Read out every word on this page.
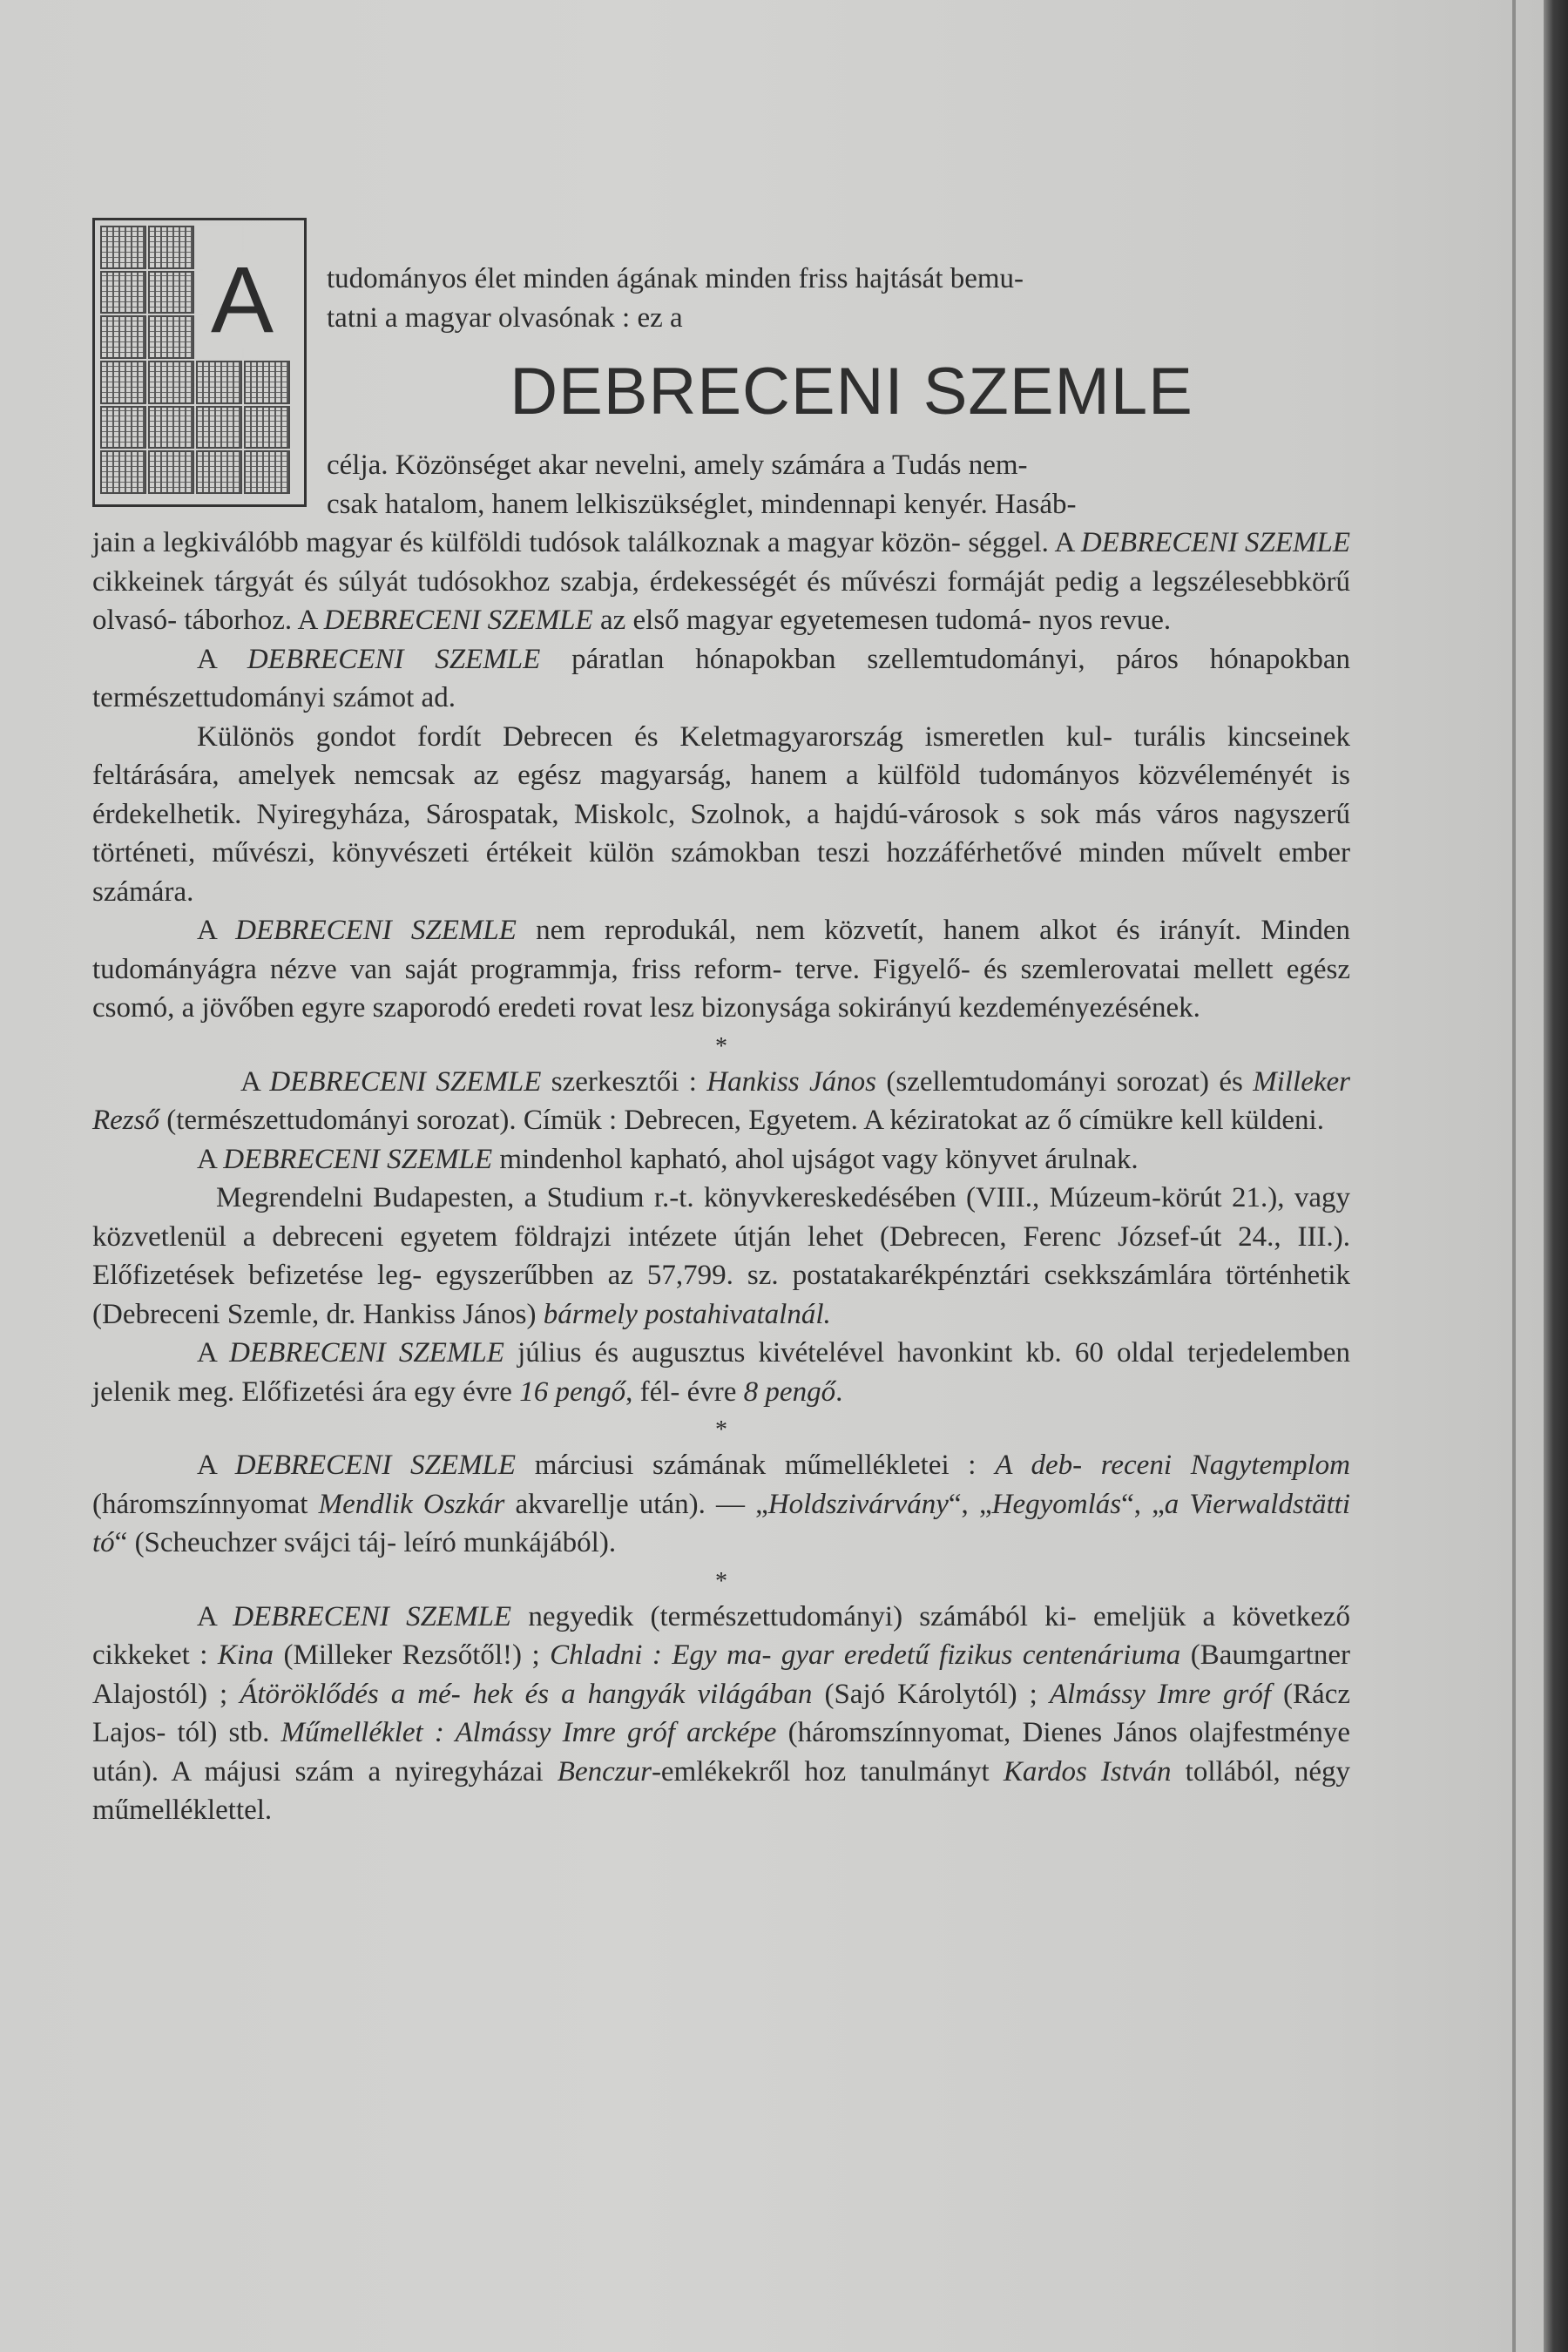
A tudományos élet minden ágának minden friss hajtását bemu-

tatni a magyar olvasónak : ez a

DEBRECENI SZEMLE

célja. Közönséget akar nevelni, amely számára a Tudás nem-

csak hatalom, hanem lelkiszükséglet, mindennapi kenyér. Hasáb-

jain a legkiválóbb magyar és külföldi tudósok találkoznak a magyar közön- séggel. A DEBRECENI SZEMLE cikkeinek tárgyát és súlyát tudósokhoz szabja, érdekességét és művészi formáját pedig a legszélesebbkörű olvasó- táborhoz. A DEBRECENI SZEMLE az első magyar egyetemesen tudomá- nyos revue.

A DEBRECENI SZEMLE páratlan hónapokban szellemtudományi, páros hónapokban természettudományi számot ad.

Különös gondot fordít Debrecen és Keletmagyarország ismeretlen kul- turális kincseinek feltárására, amelyek nemcsak az egész magyarság, hanem a külföld tudományos közvéleményét is érdekelhetik. Nyiregyháza, Sárospatak, Miskolc, Szolnok, a hajdú-városok s sok más város nagyszerű történeti, művészi, könyvészeti értékeit külön számokban teszi hozzáférhetővé minden művelt ember számára.

A DEBRECENI SZEMLE nem reprodukál, nem közvetít, hanem alkot és irányít. Minden tudományágra nézve van saját programmja, friss reform- terve. Figyelő- és szemlerovatai mellett egész csomó, a jövőben egyre szaporodó eredeti rovat lesz bizonysága sokirányú kezdeményezésének.

*

A DEBRECENI SZEMLE szerkesztői : Hankiss János (szellemtudományi sorozat) és Milleker Rezső (természettudományi sorozat). Címük : Debrecen, Egyetem. A kéziratokat az ő címükre kell küldeni.

A DEBRECENI SZEMLE mindenhol kapható, ahol ujságot vagy könyvet árulnak.

Megrendelni Budapesten, a Studium r.-t. könyvkereskedésében (VIII., Múzeum-körút 21.), vagy közvetlenül a debreceni egyetem földrajzi intézete útján lehet (Debrecen, Ferenc József-út 24., III.). Előfizetések befizetése leg- egyszerűbben az 57,799. sz. postatakarékpénztári csekkszámlára történhetik (Debreceni Szemle, dr. Hankiss János) bármely postahivatalnál.

A DEBRECENI SZEMLE július és augusztus kivételével havonkint kb. 60 oldal terjedelemben jelenik meg. Előfizetési ára egy évre 16 pengő, fél- évre 8 pengő.

*

A DEBRECENI SZEMLE márciusi számának műmellékletei : A deb- receni Nagytemplom (háromszínnyomat Mendlik Oszkár akvarellje után). — „Holdszivárvány“, „Hegyomlás“, „a Vierwaldstätti tó“ (Scheuchzer svájci táj- leíró munkájából).

*

A DEBRECENI SZEMLE negyedik (természettudományi) számából ki- emeljük a következő cikkeket : Kina (Milleker Rezsőtől!) ; Chladni : Egy ma- gyar eredetű fizikus centenáriuma (Baumgartner Alajostól) ; Átöröklődés a mé- hek és a hangyák világában (Sajó Károlytól) ; Almássy Imre gróf (Rácz Lajos- tól) stb. Műmelléklet : Almássy Imre gróf arcképe (háromszínnyomat, Dienes János olajfestménye után). A májusi szám a nyiregyházai Benczur-emlékekről hoz tanulmányt Kardos István tollából, négy műmelléklettel.
